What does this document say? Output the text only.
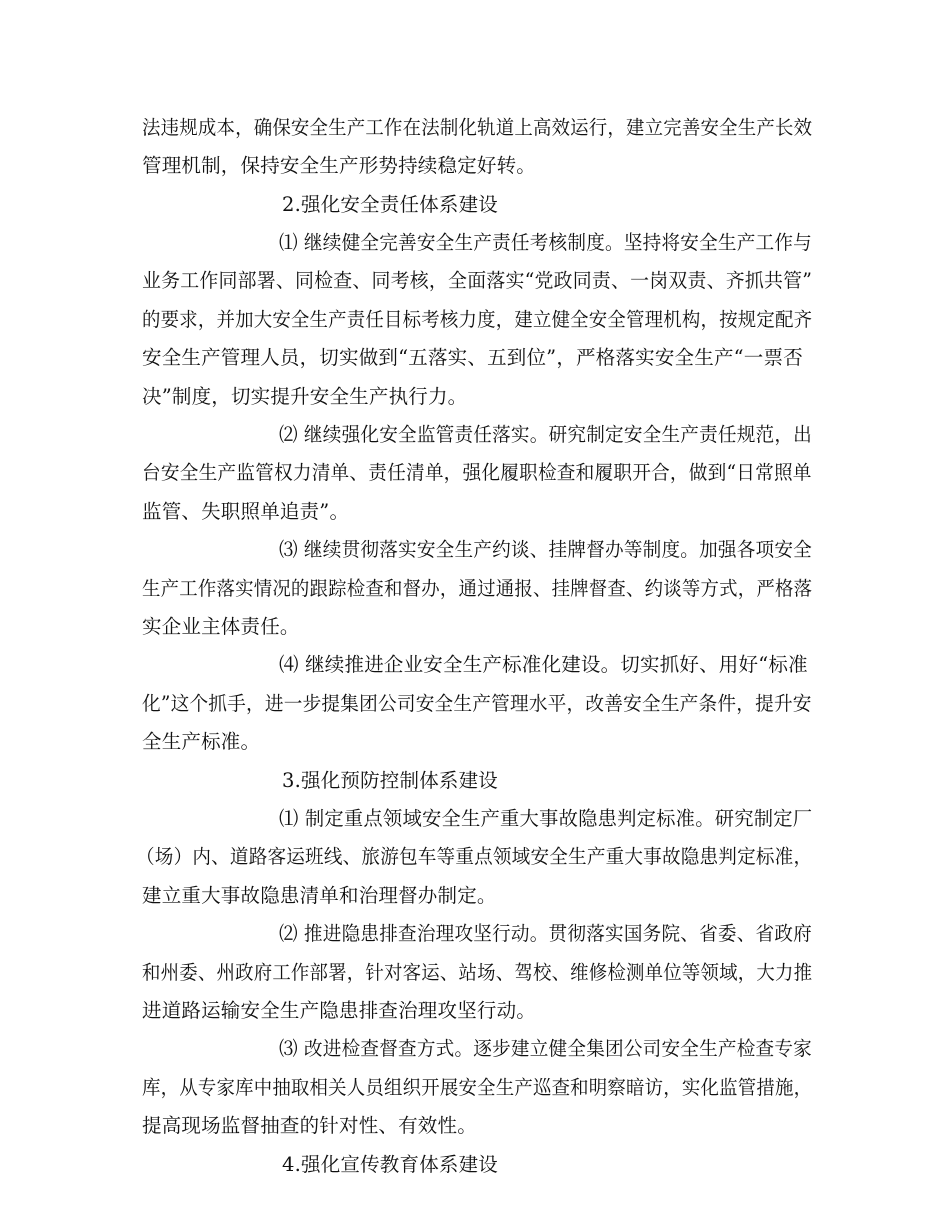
法违规成本，确保安全生产工作在法制化轨道上高效运行，建立完善安全生产长效
管理机制，保持安全生产形势持续稳定好转。
2.强化安全责任体系建设
⑴ 继续健全完善安全生产责任考核制度。坚持将安全生产工作与
业务工作同部署、同检查、同考核，全面落实“党政同责、一岗双责、齐抓共管”
的要求，并加大安全生产责任目标考核力度，建立健全安全管理机构，按规定配齐
安全生产管理人员，切实做到“五落实、五到位”，严格落实安全生产“一票否
决”制度，切实提升安全生产执行力。
⑵ 继续强化安全监管责任落实。研究制定安全生产责任规范，出
台安全生产监管权力清单、责任清单，强化履职检查和履职开合，做到“日常照单
监管、失职照单追责”。
⑶ 继续贯彻落实安全生产约谈、挂牌督办等制度。加强各项安全
生产工作落实情况的跟踪检查和督办，通过通报、挂牌督查、约谈等方式，严格落
实企业主体责任。
⑷ 继续推进企业安全生产标准化建设。切实抓好、用好“标准
化”这个抓手，进一步提集团公司安全生产管理水平，改善安全生产条件，提升安
全生产标准。
3.强化预防控制体系建设
⑴ 制定重点领域安全生产重大事故隐患判定标准。研究制定厂
（场）内、道路客运班线、旅游包车等重点领域安全生产重大事故隐患判定标准，
建立重大事故隐患清单和治理督办制定。
⑵ 推进隐患排查治理攻坚行动。贯彻落实国务院、省委、省政府
和州委、州政府工作部署，针对客运、站场、驾校、维修检测单位等领域，大力推
进道路运输安全生产隐患排查治理攻坚行动。
⑶ 改进检查督查方式。逐步建立健全集团公司安全生产检查专家
库，从专家库中抽取相关人员组织开展安全生产巡查和明察暗访，实化监管措施，
提高现场监督抽查的针对性、有效性。
4.强化宣传教育体系建设
